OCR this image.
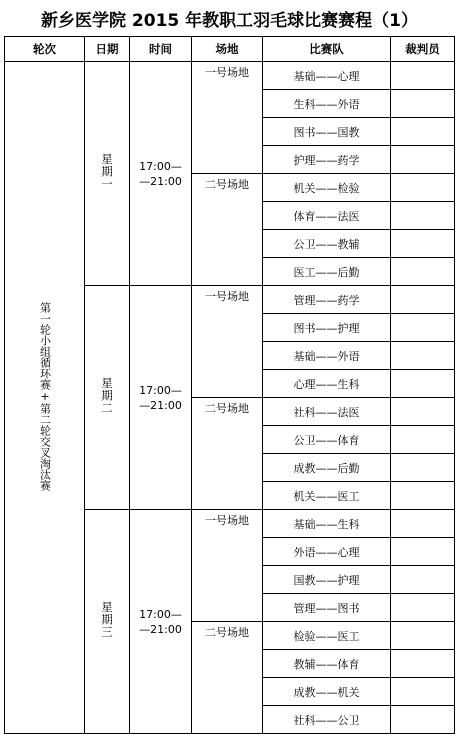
新乡医学院 2015 年教职工羽毛球比赛赛程（1）
轮次	日期	时间	场地	比赛队	裁判员
第一轮小组循环赛+第二轮交叉淘汰赛	星期一	17:00—
—21:00	一号场地	基础——心理	
				生科——外语	
				图书——国教	
				护理——药学	

			二号场地	机关——检验	
				体育——法医	
				公卫——教辅	
				医工——后勤	
	星期二	17:00—
—21:00	一号场地	管理——药学	
				图书——护理	
				基础——外语	
				心理——生科	

			二号场地	社科——法医	
				公卫——体育	
				成教——后勤	
				机关——医工	
	星期三	17:00—
—21:00	一号场地	基础——生科	
				外语——心理	
				国教——护理	
				管理——图书	

			二号场地	检验——医工	
				教辅——体育	
				成教——机关	
				社科——公卫	
